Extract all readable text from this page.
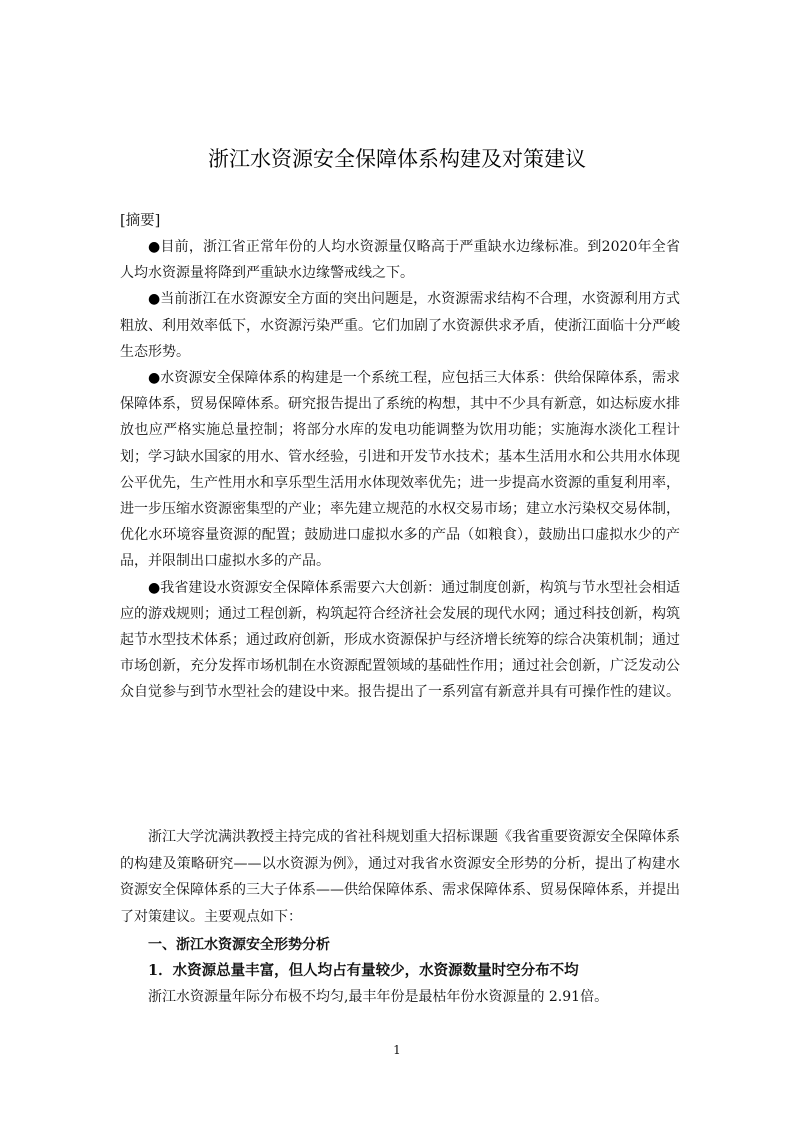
浙江水资源安全保障体系构建及对策建议
[摘要]

●目前，浙江省正常年份的人均水资源量仅略高于严重缺水边缘标准。到2020年全省人均水资源量将降到严重缺水边缘警戒线之下。

●当前浙江在水资源安全方面的突出问题是，水资源需求结构不合理，水资源利用方式粗放、利用效率低下，水资源污染严重。它们加剧了水资源供求矛盾，使浙江面临十分严峻生态形势。

●水资源安全保障体系的构建是一个系统工程，应包括三大体系：供给保障体系，需求保障体系，贸易保障体系。研究报告提出了系统的构想，其中不少具有新意，如达标废水排放也应严格实施总量控制；将部分水库的发电功能调整为饮用功能；实施海水淡化工程计划；学习缺水国家的用水、管水经验，引进和开发节水技术；基本生活用水和公共用水体现公平优先，生产性用水和享乐型生活用水体现效率优先；进一步提高水资源的重复利用率，进一步压缩水资源密集型的产业；率先建立规范的水权交易市场；建立水污染权交易体制，优化水环境容量资源的配置；鼓励进口虚拟水多的产品（如粮食），鼓励出口虚拟水少的产品，并限制出口虚拟水多的产品。

●我省建设水资源安全保障体系需要六大创新：通过制度创新，构筑与节水型社会相适应的游戏规则；通过工程创新，构筑起符合经济社会发展的现代水网；通过科技创新，构筑起节水型技术体系；通过政府创新，形成水资源保护与经济增长统筹的综合决策机制；通过市场创新，充分发挥市场机制在水资源配置领域的基础性作用；通过社会创新，广泛发动公众自觉参与到节水型社会的建设中来。报告提出了一系列富有新意并具有可操作性的建议。

浙江大学沈满洪教授主持完成的省社科规划重大招标课题《我省重要资源安全保障体系的构建及策略研究——以水资源为例》，通过对我省水资源安全形势的分析，提出了构建水资源安全保障体系的三大子体系——供给保障体系、需求保障体系、贸易保障体系，并提出了对策建议。主要观点如下：

一、浙江水资源安全形势分析
1．水资源总量丰富，但人均占有量较少，水资源数量时空分布不均

浙江水资源量年际分布极不均匀,最丰年份是最枯年份水资源量的 2.91倍。

1
